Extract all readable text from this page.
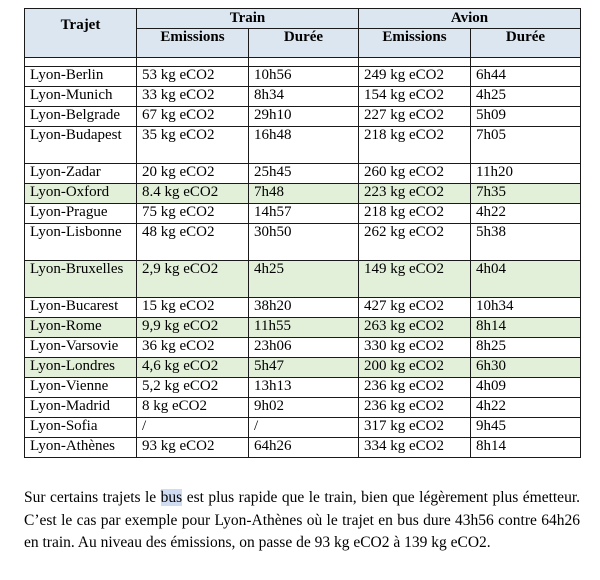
Trajet	Train		Avion	
	Emissions	Durée	Emissions	Durée

Lyon-Berlin	53 kg eCO2	10h56	249 kg eCO2	6h44
Lyon-Munich	33 kg eCO2	8h34	154 kg eCO2	4h25
Lyon-Belgrade	67 kg eCO2	29h10	227 kg eCO2	5h09
Lyon-Budapest	35 kg eCO2	16h48	218 kg eCO2	7h05
Lyon-Zadar	20 kg eCO2	25h45	260 kg eCO2	11h20
Lyon-Oxford	8.4 kg eCO2	7h48	223 kg eCO2	7h35
Lyon-Prague	75 kg eCO2	14h57	218 kg eCO2	4h22
Lyon-Lisbonne	48 kg eCO2	30h50	262 kg eCO2	5h38
Lyon-Bruxelles	2,9 kg eCO2	4h25	149 kg eCO2	4h04
Lyon-Bucarest	15 kg eCO2	38h20	427 kg eCO2	10h34
Lyon-Rome	9,9 kg eCO2	11h55	263 kg eCO2	8h14
Lyon-Varsovie	36 kg eCO2	23h06	330 kg eCO2	8h25
Lyon-Londres	4,6 kg eCO2	5h47	200 kg eCO2	6h30
Lyon-Vienne	5,2 kg eCO2	13h13	236 kg eCO2	4h09
Lyon-Madrid	8 kg eCO2	9h02	236 kg eCO2	4h22
Lyon-Sofia	/	/	317 kg eCO2	9h45
Lyon-Athènes	93 kg eCO2	64h26	334 kg eCO2	8h14

Sur certains trajets le bus est plus rapide que le train, bien que légèrement plus émetteur. C’est le cas par exemple pour Lyon-Athènes où le trajet en bus dure 43h56 contre 64h26 en train. Au niveau des émissions, on passe de 93 kg eCO2 à 139 kg eCO2.
